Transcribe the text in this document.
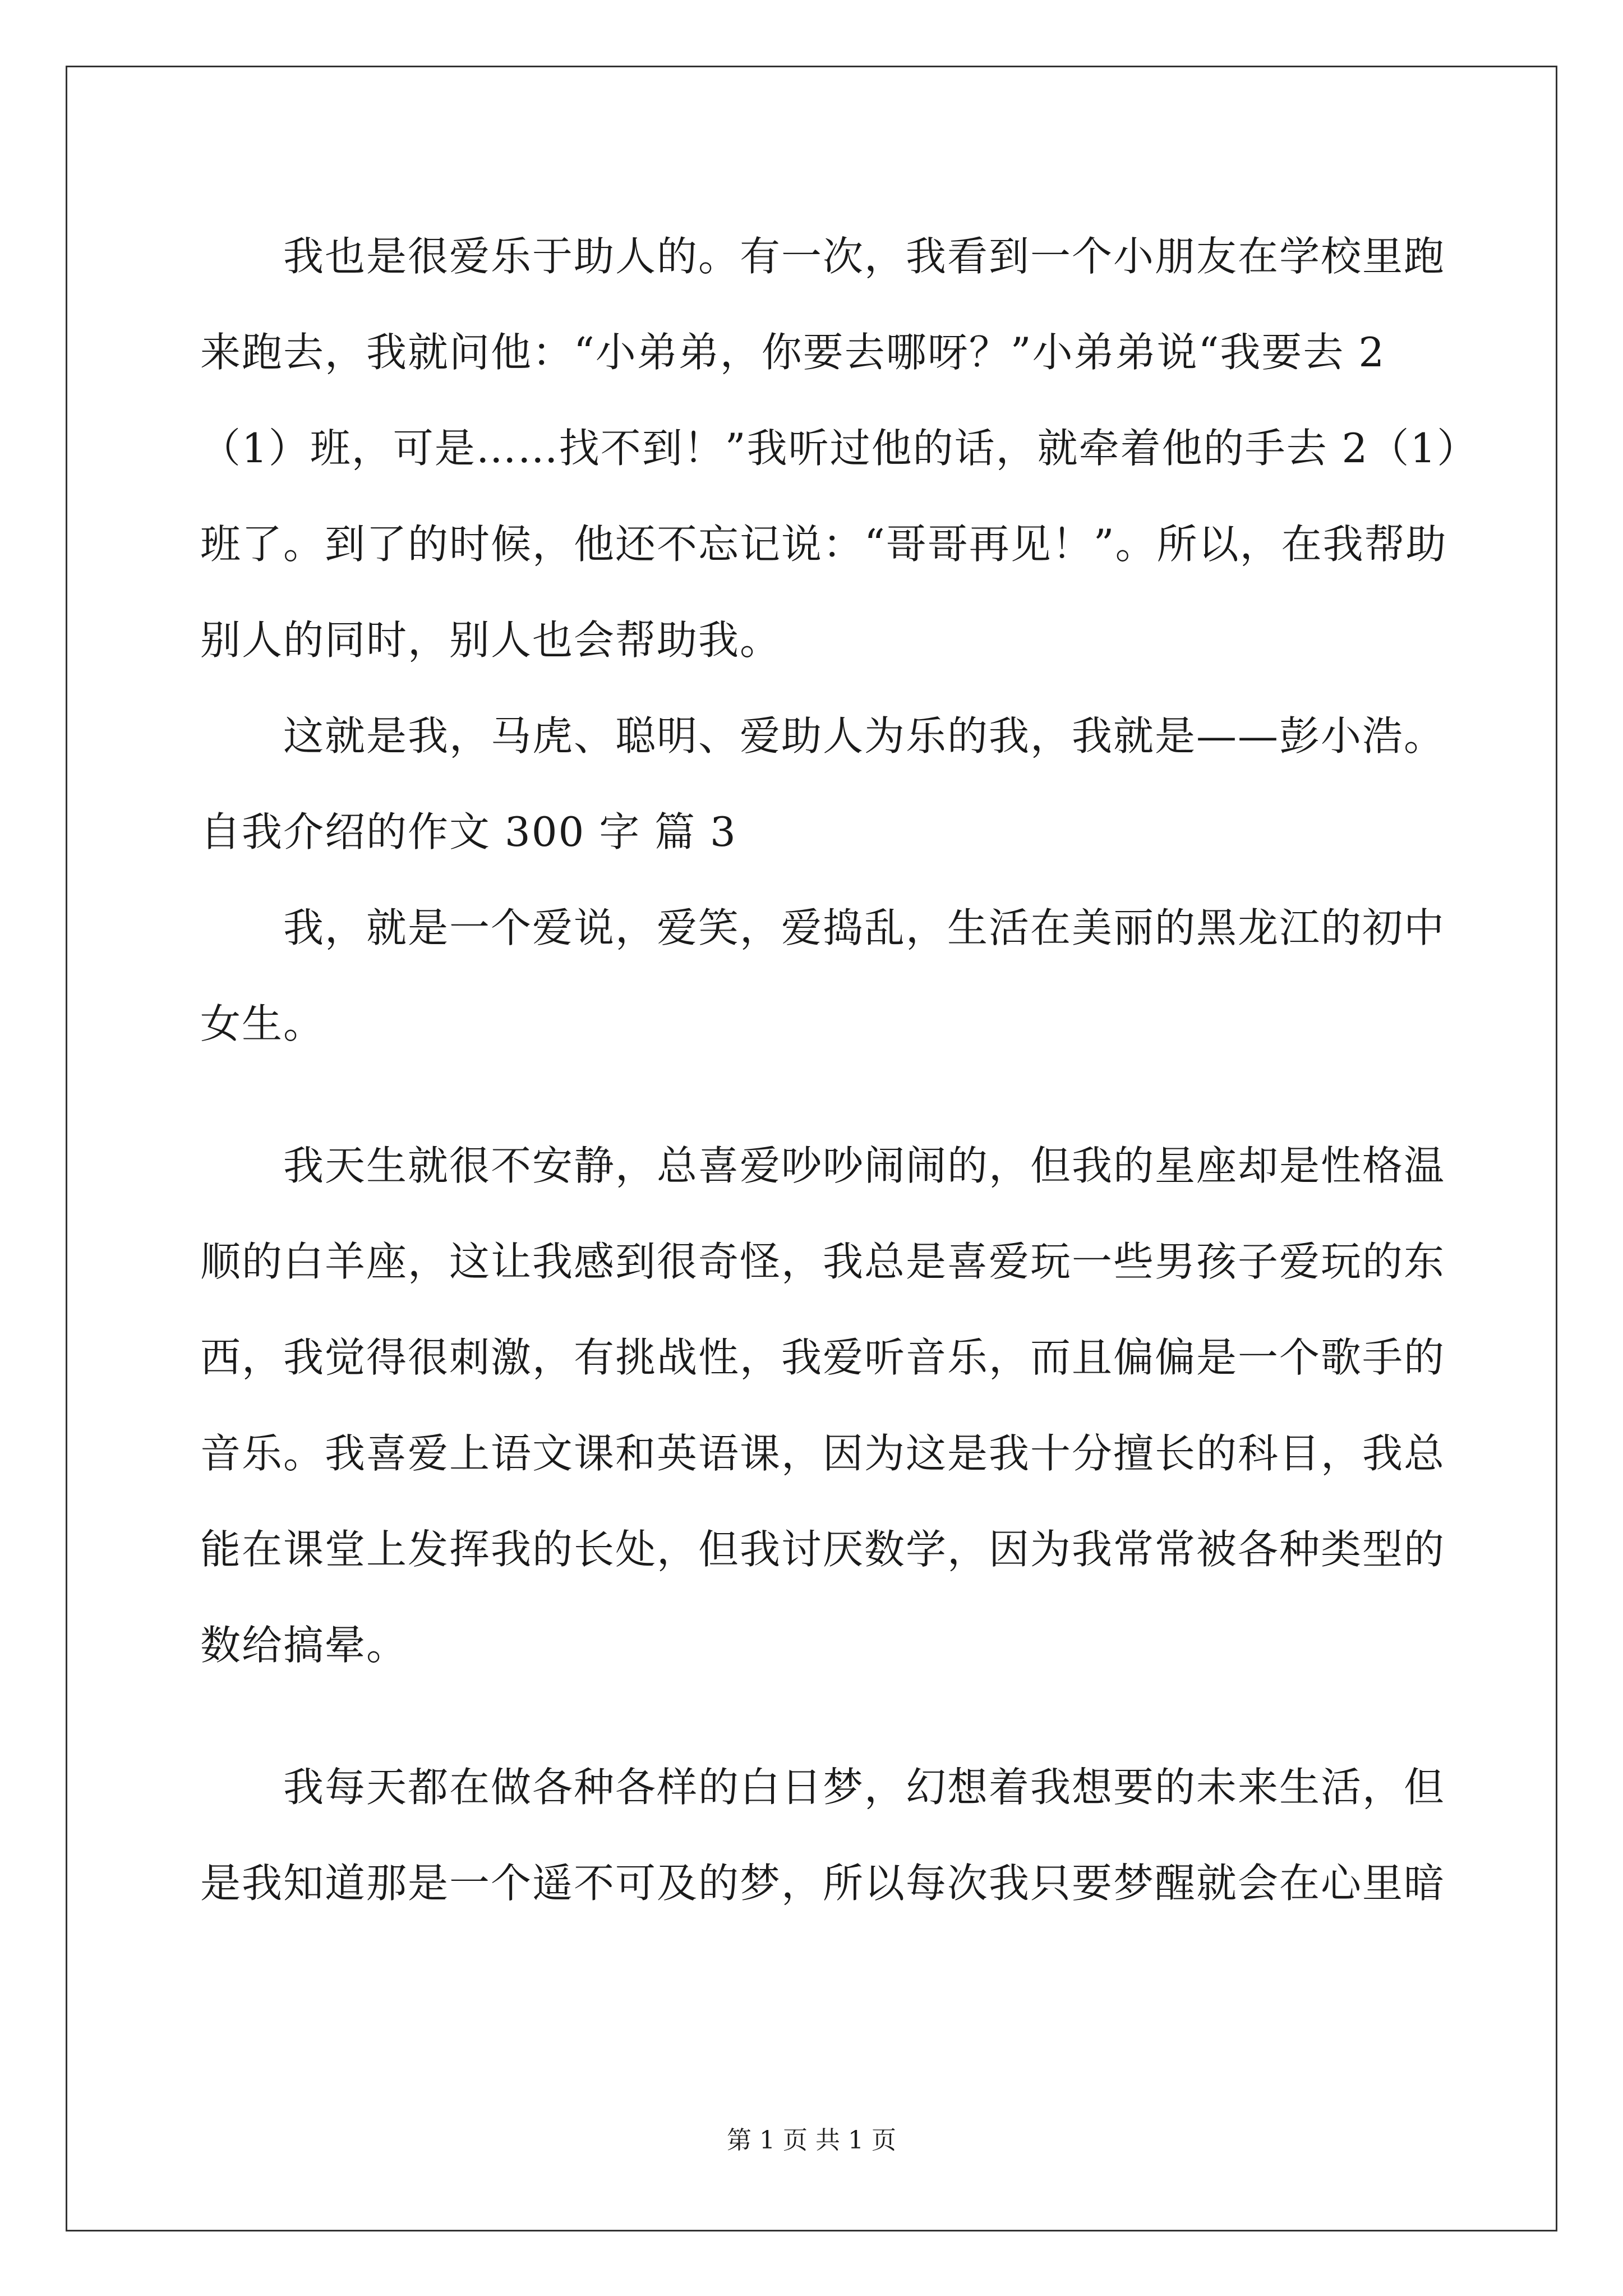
　　我也是很爱乐于助人的。有一次，我看到一个小朋友在学校里跑
来跑去，我就问他：“小弟弟，你要去哪呀？”小弟弟说“我要去 2
（1）班，可是……找不到！”我听过他的话，就牵着他的手去 2（1）
班了。到了的时候，他还不忘记说：“哥哥再见！”。所以，在我帮助
别人的同时，别人也会帮助我。
　　这就是我，马虎、聪明、爱助人为乐的我，我就是——彭小浩。
自我介绍的作文 300 字 篇 3
　　我，就是一个爱说，爱笑，爱捣乱，生活在美丽的黑龙江的初中
女生。
　　我天生就很不安静，总喜爱吵吵闹闹的，但我的星座却是性格温
顺的白羊座，这让我感到很奇怪，我总是喜爱玩一些男孩子爱玩的东
西，我觉得很刺激，有挑战性，我爱听音乐，而且偏偏是一个歌手的
音乐。我喜爱上语文课和英语课，因为这是我十分擅长的科目，我总
能在课堂上发挥我的长处，但我讨厌数学，因为我常常被各种类型的
数给搞晕。
　　我每天都在做各种各样的白日梦，幻想着我想要的未来生活，但
是我知道那是一个遥不可及的梦，所以每次我只要梦醒就会在心里暗
第 1 页 共 1 页
